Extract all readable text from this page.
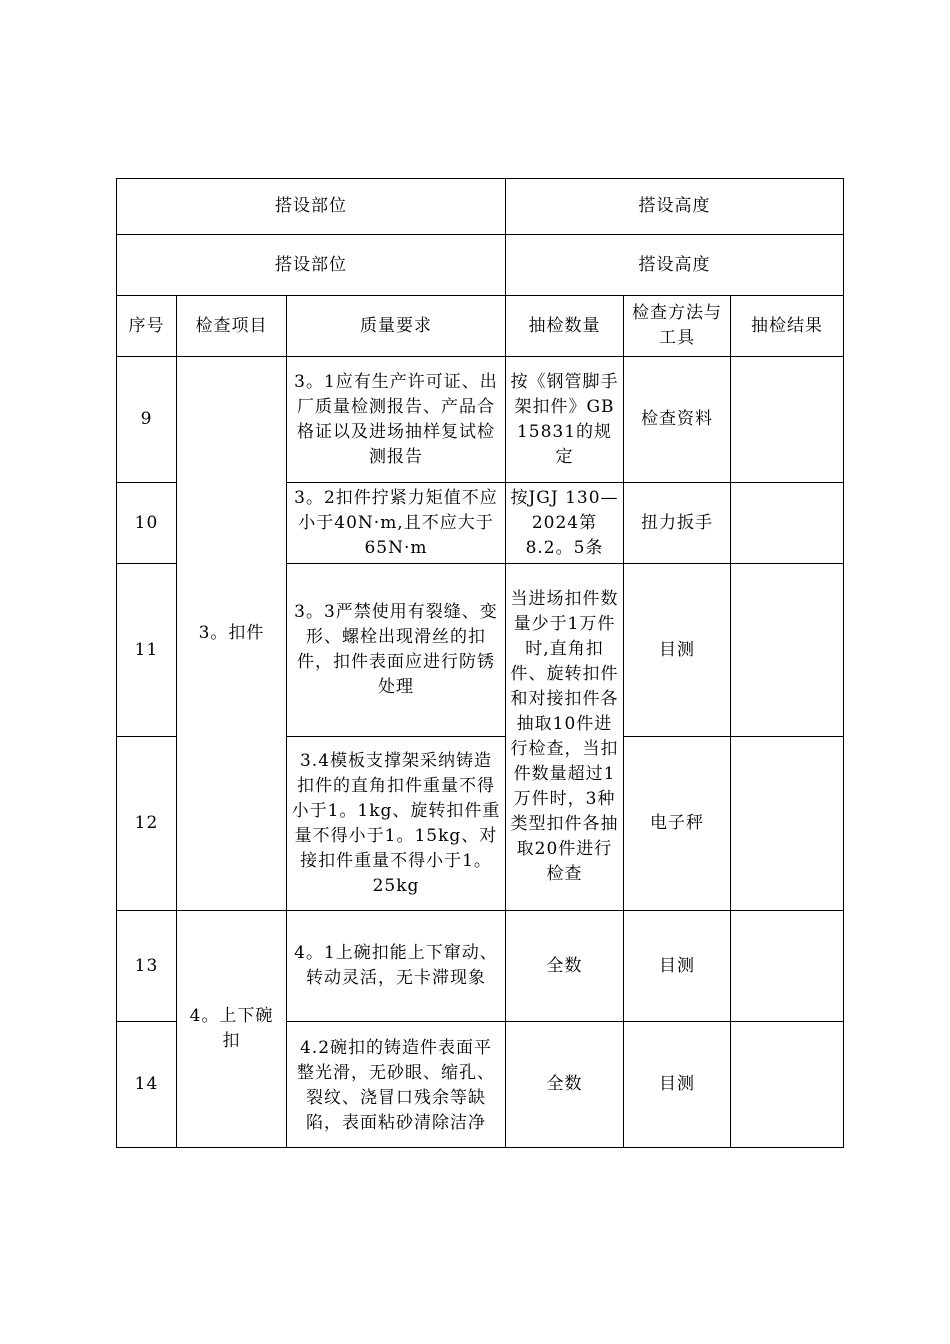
搭设部位			搭设高度		
搭设部位			搭设高度		
序号	检查项目	质量要求	抽检数量	检查方法与工具	抽检结果
9	3。扣件	3。1应有生产许可证、出厂质量检测报告、产品合格证以及进场抽样复试检测报告	按《钢管脚手架扣件》GB 15831的规定	检查资料	
10		3。2扣件拧紧力矩值不应小于40N·m,且不应大于65N·m	按JGJ 130—2024第8.2。5条	扭力扳手	
11		3。3严禁使用有裂缝、变形、螺栓出现滑丝的扣件，扣件表面应进行防锈处理	当进场扣件数量少于1万件时,直角扣件、旋转扣件和对接扣件各抽取10件进行检查，当扣件数量超过1万件时，3种类型扣件各抽取20件进行检查	目测	
12		3.4模板支撑架采纳铸造扣件的直角扣件重量不得小于1。1kg、旋转扣件重量不得小于1。15kg、对接扣件重量不得小于1。25kg		电子秤	
13	4。上下碗扣	4。1上碗扣能上下窜动、转动灵活，无卡滞现象	全数	目测	
14		4.2碗扣的铸造件表面平整光滑，无砂眼、缩孔、裂纹、浇冒口残余等缺陷，表面粘砂清除洁净	全数	目测	
